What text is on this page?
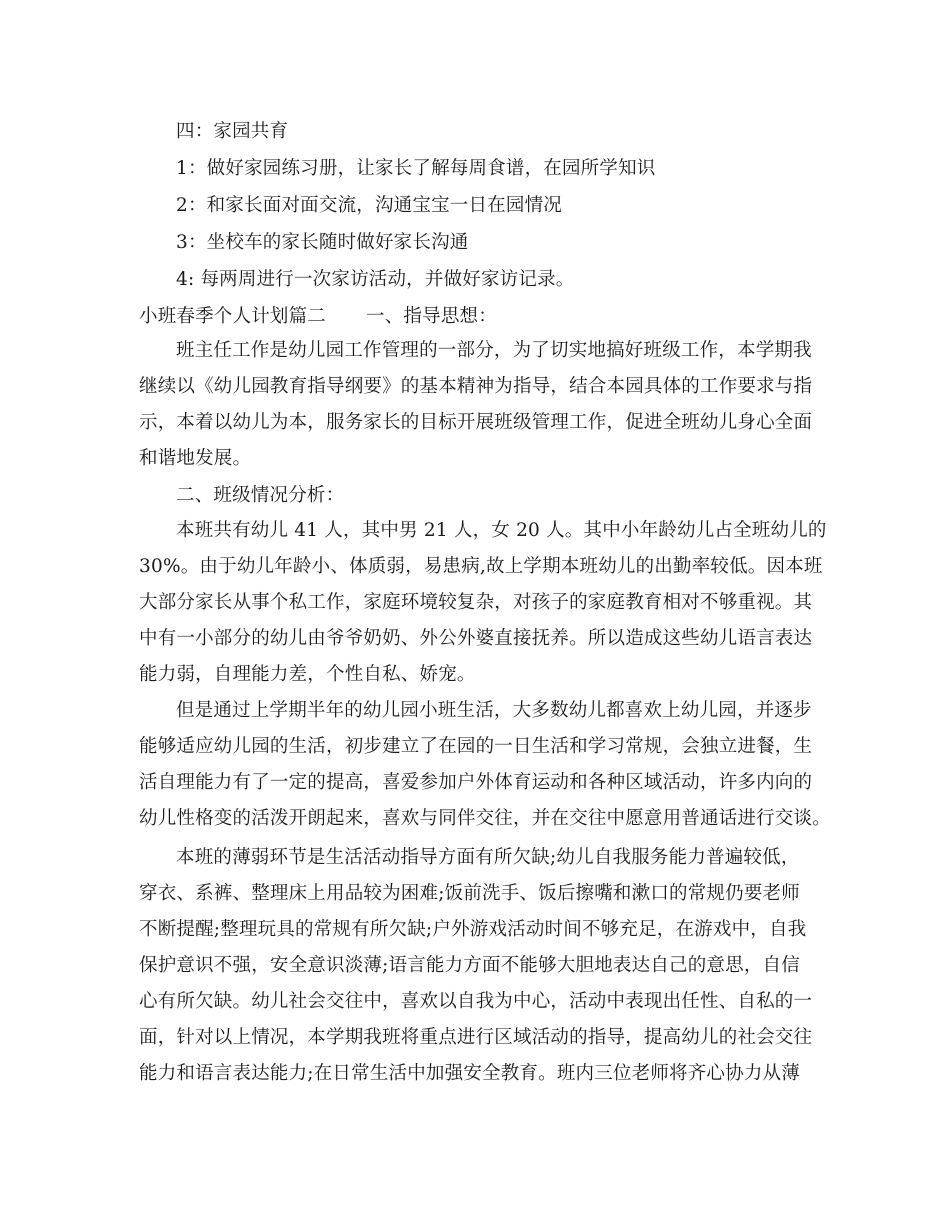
四：家园共育
1：做好家园练习册，让家长了解每周食谱，在园所学知识
2：和家长面对面交流，沟通宝宝一日在园情况
3：坐校车的家长随时做好家长沟通
4: 每两周进行一次家访活动，并做好家访记录。
小班春季个人计划篇二 一、指导思想：
班主任工作是幼儿园工作管理的一部分，为了切实地搞好班级工作，本学期我
继续以《幼儿园教育指导纲要》的基本精神为指导，结合本园具体的工作要求与指
示，本着以幼儿为本，服务家长的目标开展班级管理工作，促进全班幼儿身心全面
和谐地发展。
二、班级情况分析：
本班共有幼儿 41 人，其中男 21 人，女 20 人。其中小年龄幼儿占全班幼儿的
30%。由于幼儿年龄小、体质弱，易患病,故上学期本班幼儿的出勤率较低。因本班
大部分家长从事个私工作，家庭环境较复杂，对孩子的家庭教育相对不够重视。其
中有一小部分的幼儿由爷爷奶奶、外公外婆直接抚养。所以造成这些幼儿语言表达
能力弱，自理能力差，个性自私、娇宠。
但是通过上学期半年的幼儿园小班生活，大多数幼儿都喜欢上幼儿园，并逐步
能够适应幼儿园的生活，初步建立了在园的一日生活和学习常规，会独立进餐，生
活自理能力有了一定的提高，喜爱参加户外体育运动和各种区域活动，许多内向的
幼儿性格变的活泼开朗起来，喜欢与同伴交往，并在交往中愿意用普通话进行交谈。
本班的薄弱环节是生活活动指导方面有所欠缺;幼儿自我服务能力普遍较低，
穿衣、系裤、整理床上用品较为困难;饭前洗手、饭后擦嘴和漱口的常规仍要老师
不断提醒;整理玩具的常规有所欠缺;户外游戏活动时间不够充足，在游戏中，自我
保护意识不强，安全意识淡薄;语言能力方面不能够大胆地表达自己的意思，自信
心有所欠缺。幼儿社会交往中，喜欢以自我为中心，活动中表现出任性、自私的一
面，针对以上情况，本学期我班将重点进行区域活动的指导，提高幼儿的社会交往
能力和语言表达能力;在日常生活中加强安全教育。班内三位老师将齐心协力从薄
